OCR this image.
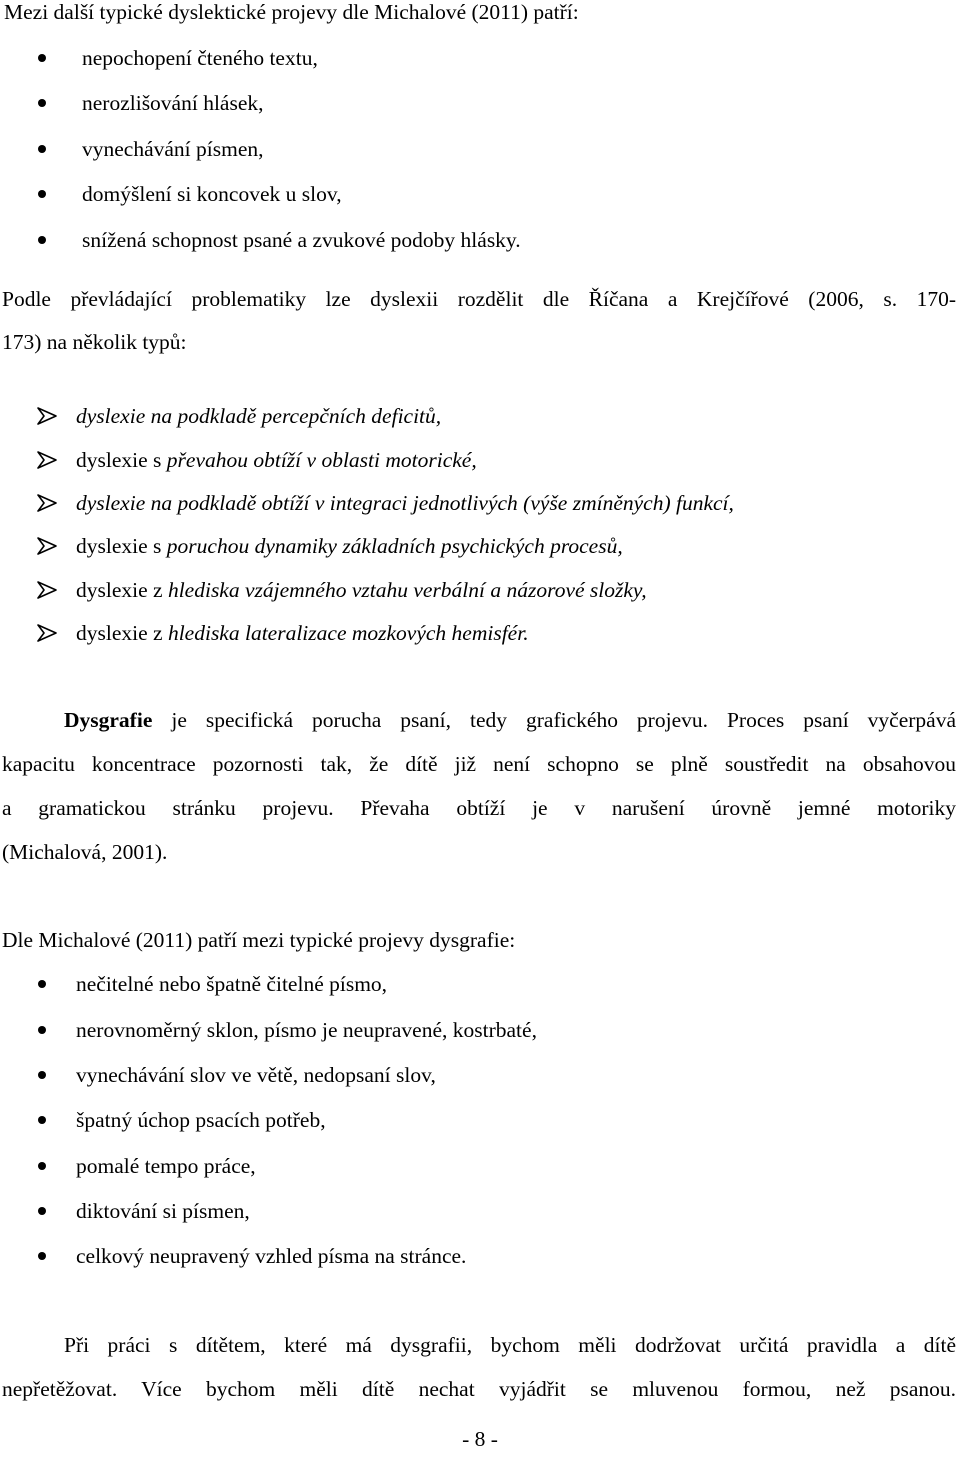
Mezi další typické dyslektické projevy dle Michalové (2011) patří:
nepochopení čteného textu,
nerozlišování hlásek,
vynechávání písmen,
domýšlení si koncovek u slov,
snížená schopnost psané a zvukové podoby hlásky.
Podle převládající problematiky lze dyslexii rozdělit dle Říčana a Krejčířové (2006, s. 170-
173) na několik typů:
dyslexie na podkladě percepčních deficitů,
dyslexie s převahou obtíží v oblasti motorické,
dyslexie na podkladě obtíží v integraci jednotlivých (výše zmíněných) funkcí,
dyslexie s poruchou dynamiky základních psychických procesů,
dyslexie z hlediska vzájemného vztahu verbální a názorové složky,
dyslexie z hlediska lateralizace mozkových hemisfér.
Dysgrafie je specifická porucha psaní, tedy grafického projevu. Proces psaní vyčerpává
kapacitu koncentrace pozornosti tak, že dítě již není schopno se plně soustředit na obsahovou
a gramatickou stránku projevu. Převaha obtíží je v narušení úrovně jemné motoriky
(Michalová, 2001).
Dle Michalové (2011) patří mezi typické projevy dysgrafie:
nečitelné nebo špatně čitelné písmo,
nerovnoměrný sklon, písmo je neupravené, kostrbaté,
vynechávání slov ve větě, nedopsaní slov,
špatný úchop psacích potřeb,
pomalé tempo práce,
diktování si písmen,
celkový neupravený vzhled písma na stránce.
Při práci s dítětem, které má dysgrafii, bychom měli dodržovat určitá pravidla a dítě
nepřetěžovat. Více bychom měli dítě nechat vyjádřit se mluvenou formou, než psanou.
- 8 -
